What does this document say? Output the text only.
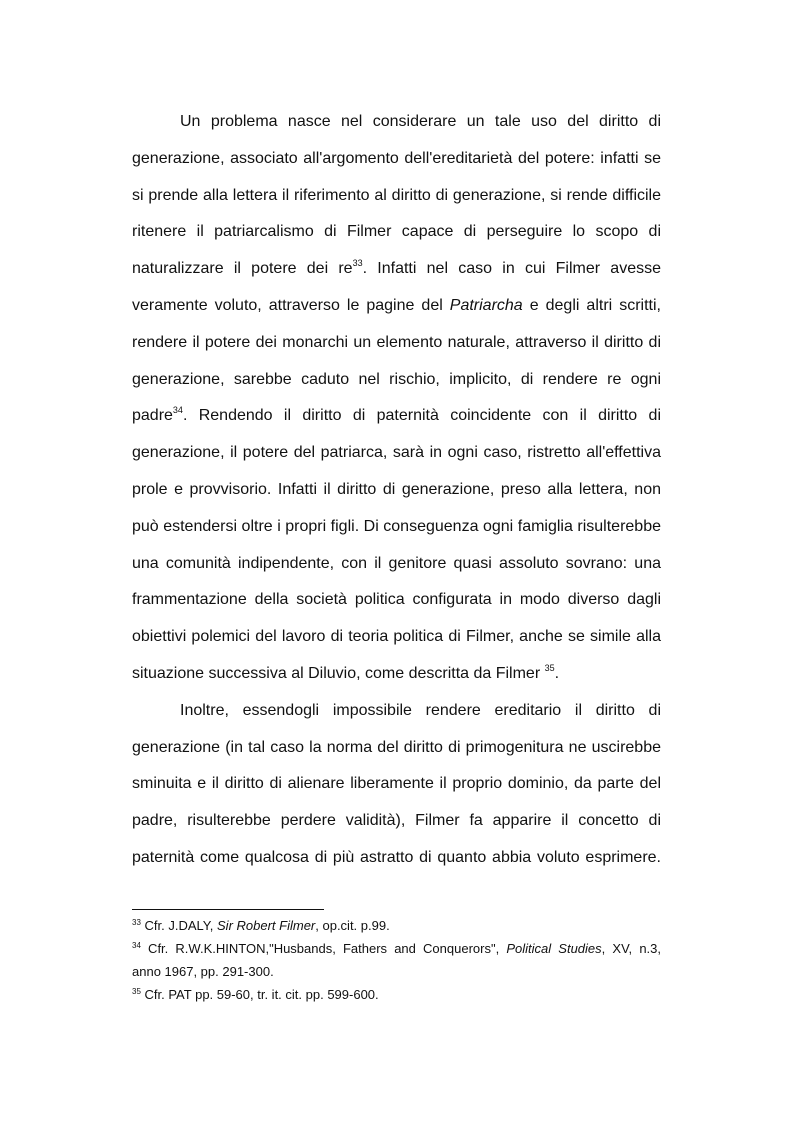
Un problema nasce nel considerare un tale uso del diritto di generazione, associato all'argomento dell'ereditarietà del potere: infatti se si prende alla lettera il riferimento al diritto di generazione, si rende difficile ritenere il patriarcalismo di Filmer capace di perseguire lo scopo di naturalizzare il potere dei $re^{33}$. Infatti nel caso in cui Filmer avesse veramente voluto, attraverso le pagine del Patriarcha e degli altri scritti, rendere il potere dei monarchi un elemento naturale, attraverso il diritto di generazione, sarebbe caduto nel rischio, implicito, di rendere re ogni padre$^{34}$. Rendendo il diritto di paternità coincidente con il diritto di generazione, il potere del patriarca, sarà in ogni caso, ristretto all'effettiva prole e provvisorio. Infatti il diritto di generazione, preso alla lettera, non può estendersi oltre i propri figli. Di conseguenza ogni famiglia risulterebbe una comunità indipendente, con il genitore quasi assoluto sovrano: una frammentazione della società politica configurata in modo diverso dagli obiettivi polemici del lavoro di teoria politica di Filmer, anche se simile alla situazione successiva al Diluvio, come descritta da Filmer $^{35}$.

Inoltre, essendogli impossibile rendere ereditario il diritto di generazione (in tal caso la norma del diritto di primogenitura ne uscirebbe sminuita e il diritto di alienare liberamente il proprio dominio, da parte del padre, risulterebbe perdere validità), Filmer fa apparire il concetto di paternità come qualcosa di più astratto di quanto abbia voluto esprimere.

$^{33}$ Cfr. J.DALY, Sir Robert Filmer, op.cit. p.99.

$^{34}$ Cfr. R.W.K.HINTON,"Husbands, Fathers and Conquerors", Political Studies, XV, n.3, anno 1967, pp. 291-300.

$^{35}$ Cfr. PAT pp. 59-60, tr. it. cit. pp. 599-600.
